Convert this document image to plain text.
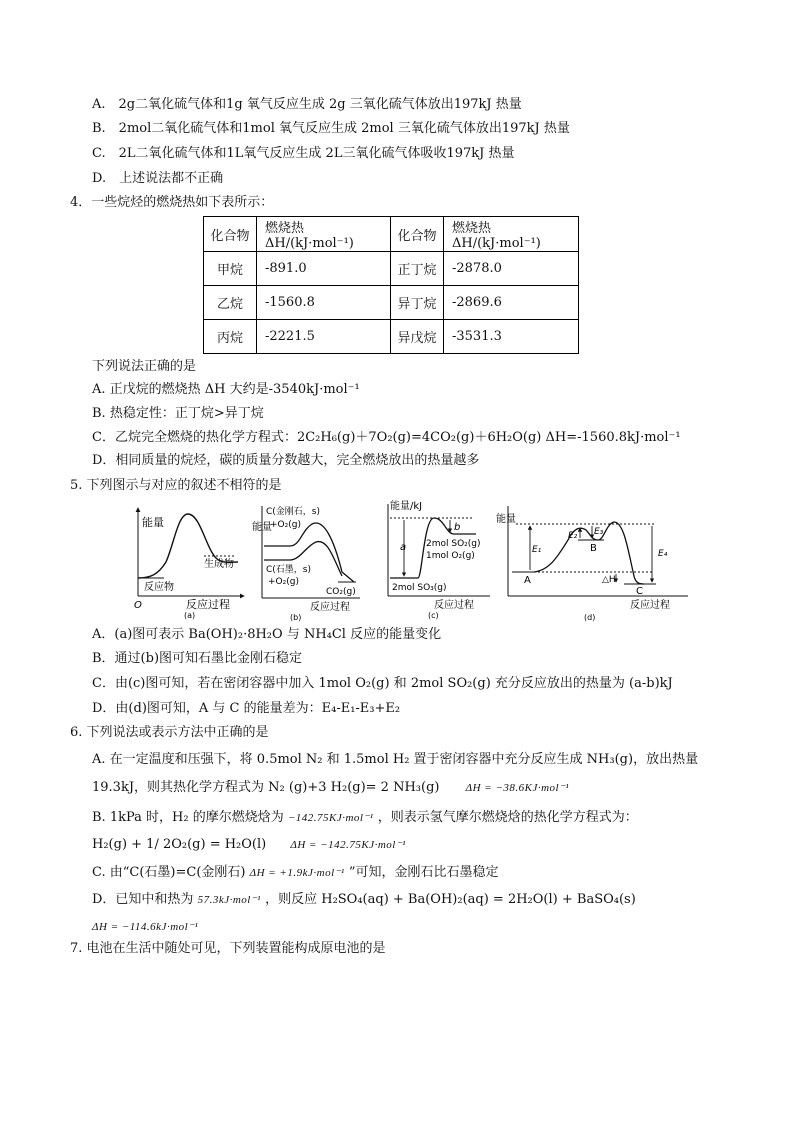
A.　2g二氧化硫气体和1g 氧气反应生成 2g 三氧化硫气体放出197kJ 热量
B.　2mol二氧化硫气体和1mol 氧气反应生成 2mol 三氧化硫气体放出197kJ 热量
C.　2L二氧化硫气体和1L氧气反应生成 2L三氧化硫气体吸收197kJ 热量
D.　上述说法都不正确
4．一些烷烃的燃烧热如下表所示：
化合物	燃烧热 ΔH/(kJ·mol⁻¹)	化合物	燃烧热 ΔH/(kJ·mol⁻¹)
甲烷	-891.0	正丁烷	-2878.0
乙烷	-1560.8	异丁烷	-2869.6
丙烷	-2221.5	异戊烷	-3531.3
下列说法正确的是
A. 正戊烷的燃烧热 ΔH 大约是-3540kJ·mol⁻¹
B. 热稳定性：正丁烷>异丁烷
C．乙烷完全燃烧的热化学方程式：2C₂H₆(g)＋7O₂(g)=4CO₂(g)＋6H₂O(g) ΔH=-1560.8kJ·mol⁻¹
D．相同质量的烷烃，碳的质量分数越大，完全燃烧放出的热量越多
5. 下列图示与对应的叙述不相符的是
能量
反应物
生成物
O	反应过程
(a)
能量
C(金刚石，s)
+O₂(g)
C(石墨，s)
+O₂(g)
CO₂(g)
反应过程
(b)
能量/kJ
a
b
2mol SO₂(g)
1mol O₂(g)
2mol SO₃(g)
反应过程
(c)
能量
E₁
E₂ E₃
E₄
A
B
C
△H
反应过程
(d)
A．(a)图可表示 Ba(OH)₂·8H₂O 与 NH₄Cl 反应的能量变化
B．通过(b)图可知石墨比金刚石稳定
C．由(c)图可知，若在密闭容器中加入 1mol O₂(g) 和 2mol SO₂(g) 充分反应放出的热量为 (a-b)kJ
D．由(d)图可知，A 与 C 的能量差为：E₄-E₁-E₃+E₂
6. 下列说法或表示方法中正确的是
A. 在一定温度和压强下，将 0.5mol N₂ 和 1.5mol H₂ 置于密闭容器中充分反应生成 NH₃(g)，放出热量
19.3kJ，则其热化学方程式为 N₂ (g)+3 H₂(g)= 2 NH₃(g) ΔH = −38.6KJ·mol⁻¹
B. 1kPa 时，H₂ 的摩尔燃烧焓为 −142.75KJ·mol⁻¹ ，则表示氢气摩尔燃烧焓的热化学方程式为：
H₂(g) + 1/ 2O₂(g) = H₂O(l) ΔH = −142.75KJ·mol⁻¹
C. 由“C(石墨)=C(金刚石) ΔH = +1.9kJ·mol⁻¹ ”可知，金刚石比石墨稳定
D．已知中和热为 57.3kJ·mol⁻¹ ，则反应 H₂SO₄(aq) + Ba(OH)₂(aq) = 2H₂O(l) + BaSO₄(s)
ΔH = −114.6kJ·mol⁻¹
7. 电池在生活中随处可见，下列装置能构成原电池的是
